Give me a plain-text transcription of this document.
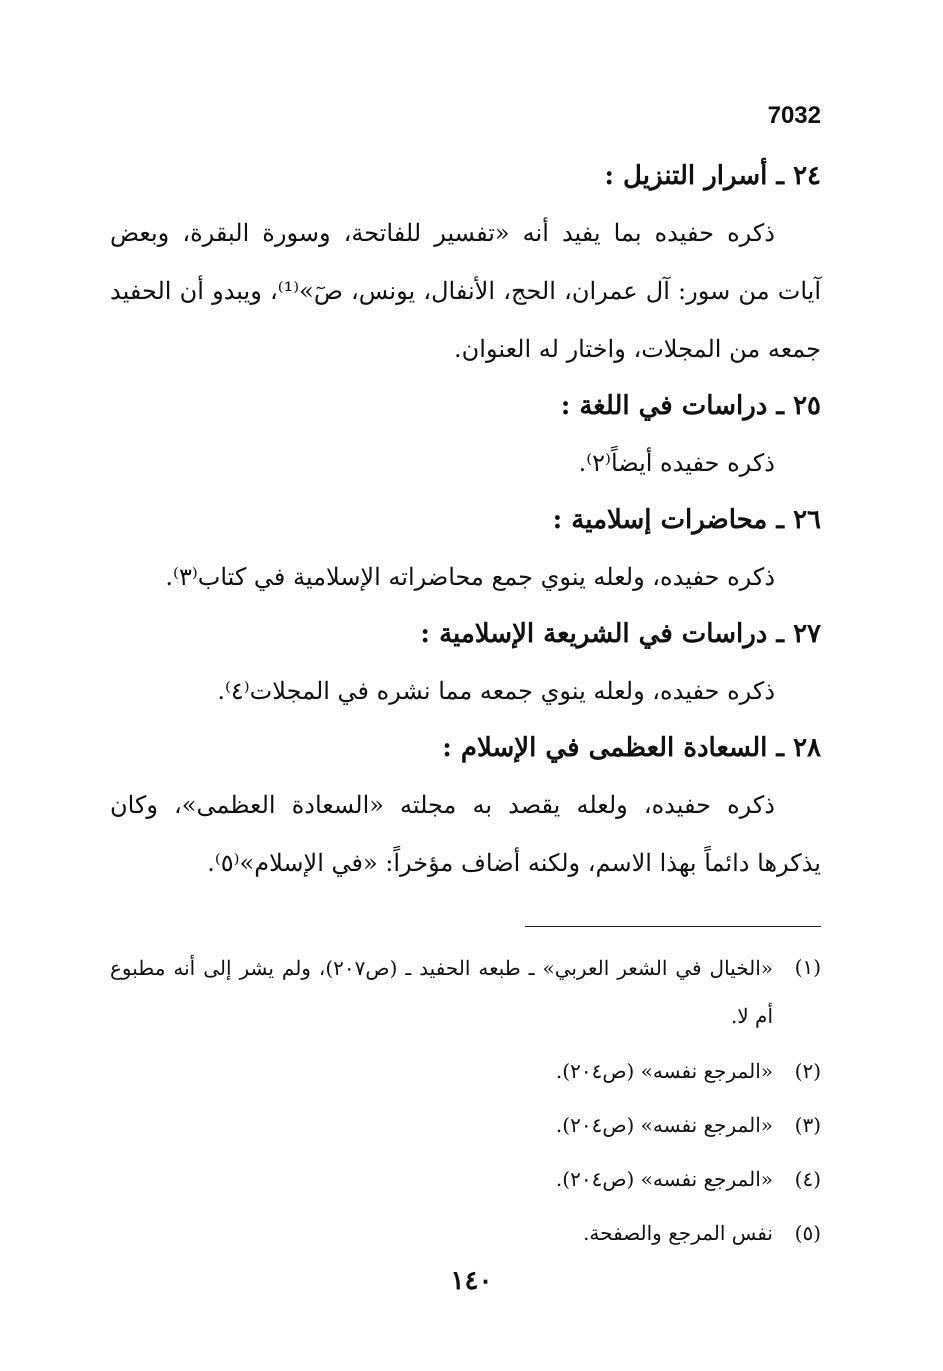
7032
٢٤ ـ أسرار التنزيل :

ذكره حفيده بما يفيد أنه «تفسير للفاتحة، وسورة البقرة، وبعض آيات من سور: آل عمران، الحج، الأنفال، يونس، صٓ»⁽¹⁾، ويبدو أن الحفيد جمعه من المجلات، واختار له العنوان.

٢٥ ـ دراسات في اللغة :

ذكره حفيده أيضاً⁽٢⁾.

٢٦ ـ محاضرات إسلامية :

ذكره حفيده، ولعله ينوي جمع محاضراته الإسلامية في كتاب⁽٣⁾.

٢٧ ـ دراسات في الشريعة الإسلامية :

ذكره حفيده، ولعله ينوي جمعه مما نشره في المجلات⁽٤⁾.

٢٨ ـ السعادة العظمى في الإسلام :

ذكره حفيده، ولعله يقصد به مجلته «السعادة العظمى»، وكان يذكرها دائماً بهذا الاسم، ولكنه أضاف مؤخراً: «في الإسلام»⁽٥⁾.

(١)
«الخيال في الشعر العربي» ـ طبعه الحفيد ـ (ص٢٠٧)، ولم يشر إلى أنه مطبوع أم لا.
(٢)
«المرجع نفسه» (ص٢٠٤).
(٣)
«المرجع نفسه» (ص٢٠٤).
(٤)
«المرجع نفسه» (ص٢٠٤).
(٥)
نفس المرجع والصفحة.
١٤٠
